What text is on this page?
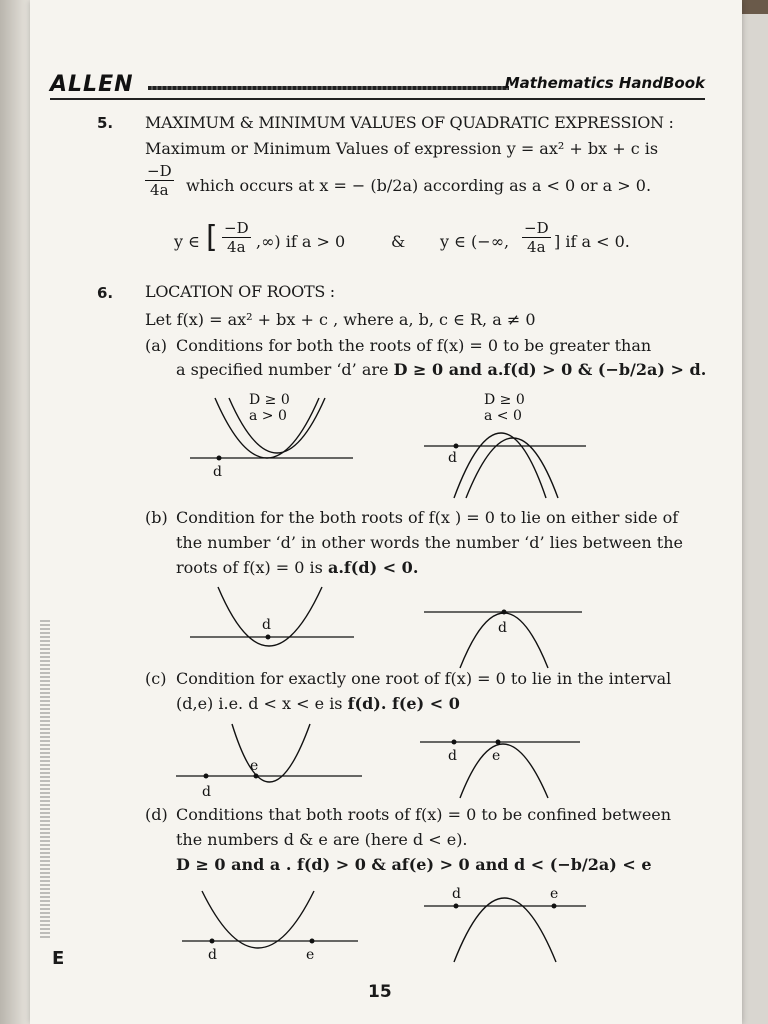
ALLEN	Mathematics HandBook
5. MAXIMUM & MINIMUM VALUES OF QUADRATIC EXPRESSION :
Maximum or Minimum Values of expression y = ax² + bx + c is
$\frac{-D}{4a}$ which occurs at x = − (b/2a) according as a < 0 or a > 0.
y ∈ [ $\frac{-D}{4a}$ ,∞) if a > 0	& y ∈ (−∞, $\frac{-D}{4a}$ ] if a < 0.
6. LOCATION OF ROOTS :
Let f(x) = ax² + bx + c , where a, b, c ∈ R, a ≠ 0
(a) Conditions for both the roots of f(x) = 0 to be greater than
a specified number ‘d’ are D ≥ 0 and a.f(d) > 0 & (−b/2a) > d.
D ≥ 0
a > 0
d
D ≥ 0
a < 0
d
(b) Condition for the both roots of f(x ) = 0 to lie on either side of
the number ‘d’ in other words the number ‘d’ lies between the
roots of f(x) = 0 is a.f(d) < 0.
d	d
(c) Condition for exactly one root of f(x) = 0 to lie in the interval
(d,e) i.e. d < x < e is f(d). f(e) < 0
d
e
d	e
(d) Conditions that both roots of f(x) = 0 to be confined between
the numbers d & e are (here d < e).
D ≥ 0 and a . f(d) > 0 & af(e) > 0 and d < (−b/2a) < e
d	e
d	e
E
15
